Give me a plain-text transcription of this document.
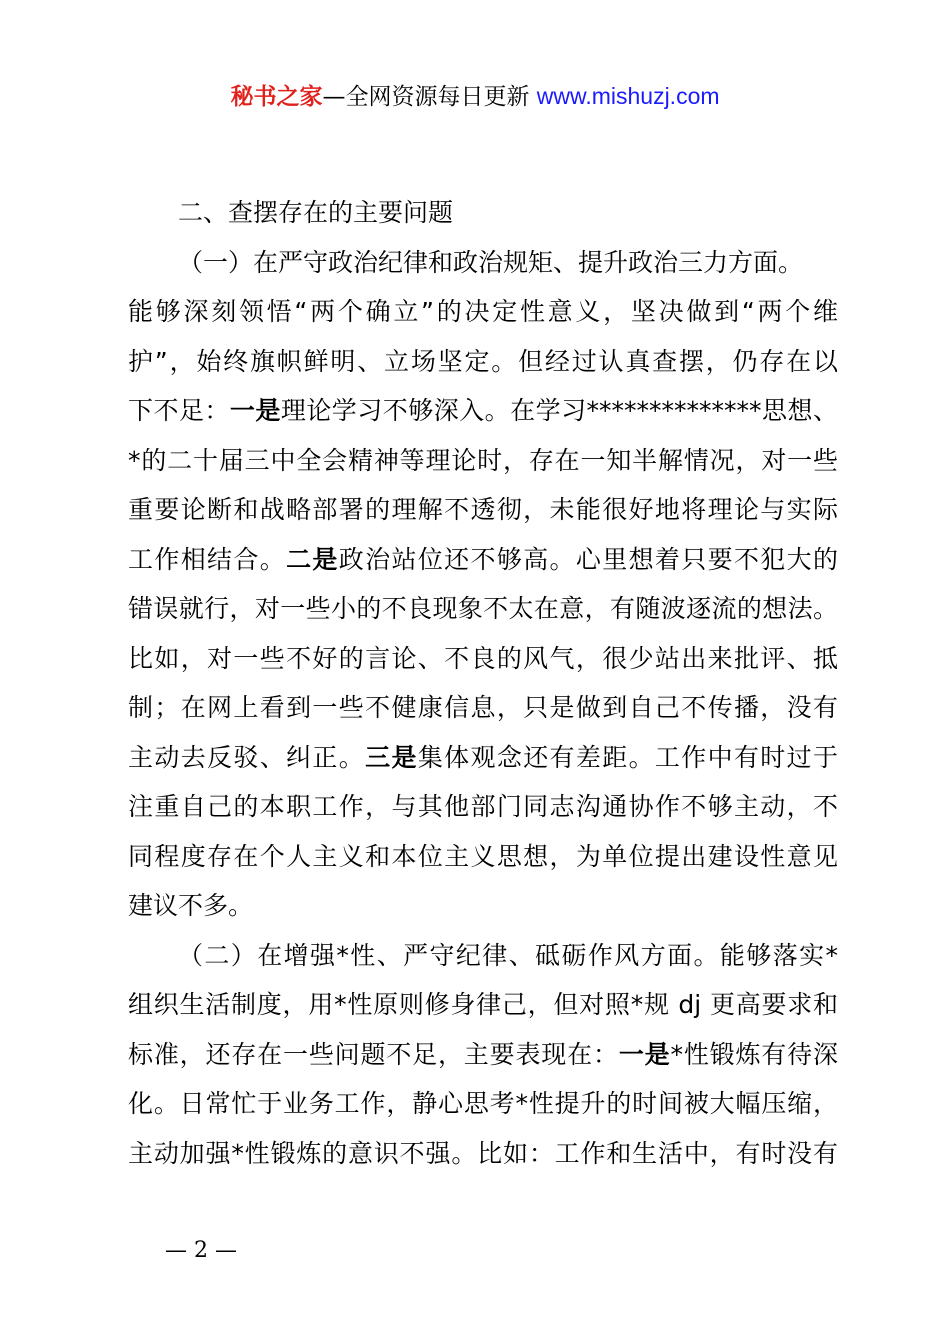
秘书之家—全网资源每日更新 www.mishuzj.com
二、查摆存在的主要问题
（一）在严守政治纪律和政治规矩、提升政治三力方面。
能够深刻领悟“两个确立”的决定性意义，坚决做到“两个维
护”，始终旗帜鲜明、立场坚定。但经过认真查摆，仍存在以
下不足：一是理论学习不够深入。在学习**************思想、
*的二十届三中全会精神等理论时，存在一知半解情况，对一些
重要论断和战略部署的理解不透彻，未能很好地将理论与实际
工作相结合。二是政治站位还不够高。心里想着只要不犯大的
错误就行，对一些小的不良现象不太在意，有随波逐流的想法。
比如，对一些不好的言论、不良的风气，很少站出来批评、抵
制；在网上看到一些不健康信息，只是做到自己不传播，没有
主动去反驳、纠正。三是集体观念还有差距。工作中有时过于
注重自己的本职工作，与其他部门同志沟通协作不够主动，不
同程度存在个人主义和本位主义思想，为单位提出建设性意见
建议不多。
（二）在增强*性、严守纪律、砥砺作风方面。能够落实*
组织生活制度，用*性原则修身律己，但对照*规 dj 更高要求和
标准，还存在一些问题不足，主要表现在：一是*性锻炼有待深
化。日常忙于业务工作，静心思考*性提升的时间被大幅压缩，
主动加强*性锻炼的意识不强。比如：工作和生活中，有时没有
— 2 —
